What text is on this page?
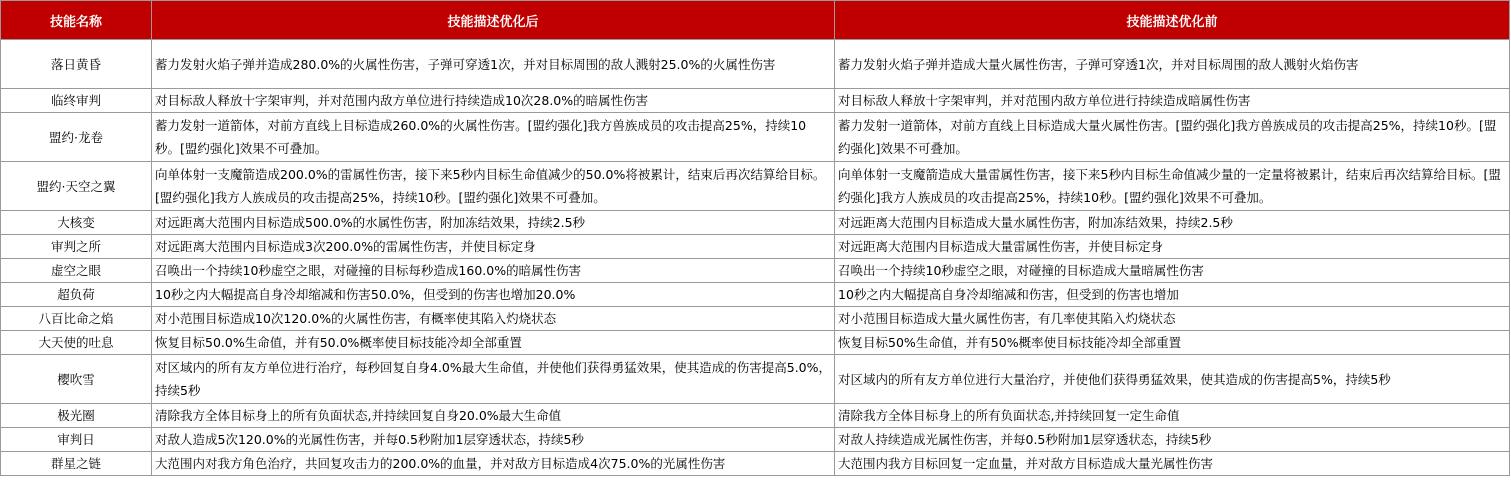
技能名称	技能描述优化后	技能描述优化前
落日黄昏	蓄力发射火焰子弹并造成280.0%的火属性伤害，子弹可穿透1次，并对目标周围的敌人溅射25.0%的火属性伤害	蓄力发射火焰子弹并造成大量火属性伤害，子弹可穿透1次，并对目标周围的敌人溅射火焰伤害
临终审判	对目标敌人释放十字架审判，并对范围内敌方单位进行持续造成10次28.0%的暗属性伤害	对目标敌人释放十字架审判，并对范围内敌方单位进行持续造成暗属性伤害
盟约·龙卷	蓄力发射一道箭体，对前方直线上目标造成260.0%的火属性伤害。[盟约强化]我方兽族成员的攻击提高25%，持续10秒。[盟约强化]效果不可叠加。	蓄力发射一道箭体，对前方直线上目标造成大量火属性伤害。[盟约强化]我方兽族成员的攻击提高25%，持续10秒。[盟约强化]效果不可叠加。
盟约·天空之翼	向单体射一支魔箭造成200.0%的雷属性伤害，接下来5秒内目标生命值减少的50.0%将被累计，结束后再次结算给目标。[盟约强化]我方人族成员的攻击提高25%，持续10秒。[盟约强化]效果不可叠加。	向单体射一支魔箭造成大量雷属性伤害，接下来5秒内目标生命值减少量的一定量将被累计，结束后再次结算给目标。[盟约强化]我方人族成员的攻击提高25%，持续10秒。[盟约强化]效果不可叠加。
大核变	对远距离大范围内目标造成500.0%的水属性伤害，附加冻结效果，持续2.5秒	对远距离大范围内目标造成大量水属性伤害，附加冻结效果，持续2.5秒
审判之所	对远距离大范围内目标造成3次200.0%的雷属性伤害，并使目标定身	对远距离大范围内目标造成大量雷属性伤害，并使目标定身
虚空之眼	召唤出一个持续10秒虚空之眼，对碰撞的目标每秒造成160.0%的暗属性伤害	召唤出一个持续10秒虚空之眼，对碰撞的目标造成大量暗属性伤害
超负荷	10秒之内大幅提高自身冷却缩减和伤害50.0%，但受到的伤害也增加20.0%	10秒之内大幅提高自身冷却缩减和伤害，但受到的伤害也增加
八百比命之焰	对小范围目标造成10次120.0%的火属性伤害，有概率使其陷入灼烧状态	对小范围目标造成大量火属性伤害，有几率使其陷入灼烧状态
大天使的吐息	恢复目标50.0%生命值，并有50.0%概率使目标技能冷却全部重置	恢复目标50%生命值，并有50%概率使目标技能冷却全部重置
樱吹雪	对区域内的所有友方单位进行治疗，每秒回复自身4.0%最大生命值，并使他们获得勇猛效果，使其造成的伤害提高5.0%，持续5秒	对区域内的所有友方单位进行大量治疗，并使他们获得勇猛效果，使其造成的伤害提高5%，持续5秒
极光圈	清除我方全体目标身上的所有负面状态,并持续回复自身20.0%最大生命值	清除我方全体目标身上的所有负面状态,并持续回复一定生命值
审判日	对敌人造成5次120.0%的光属性伤害，并每0.5秒附加1层穿透状态，持续5秒	对敌人持续造成光属性伤害，并每0.5秒附加1层穿透状态，持续5秒
群星之链	大范围内对我方角色治疗，共回复攻击力的200.0%的血量，并对敌方目标造成4次75.0%的光属性伤害	大范围内我方目标回复一定血量，并对敌方目标造成大量光属性伤害
